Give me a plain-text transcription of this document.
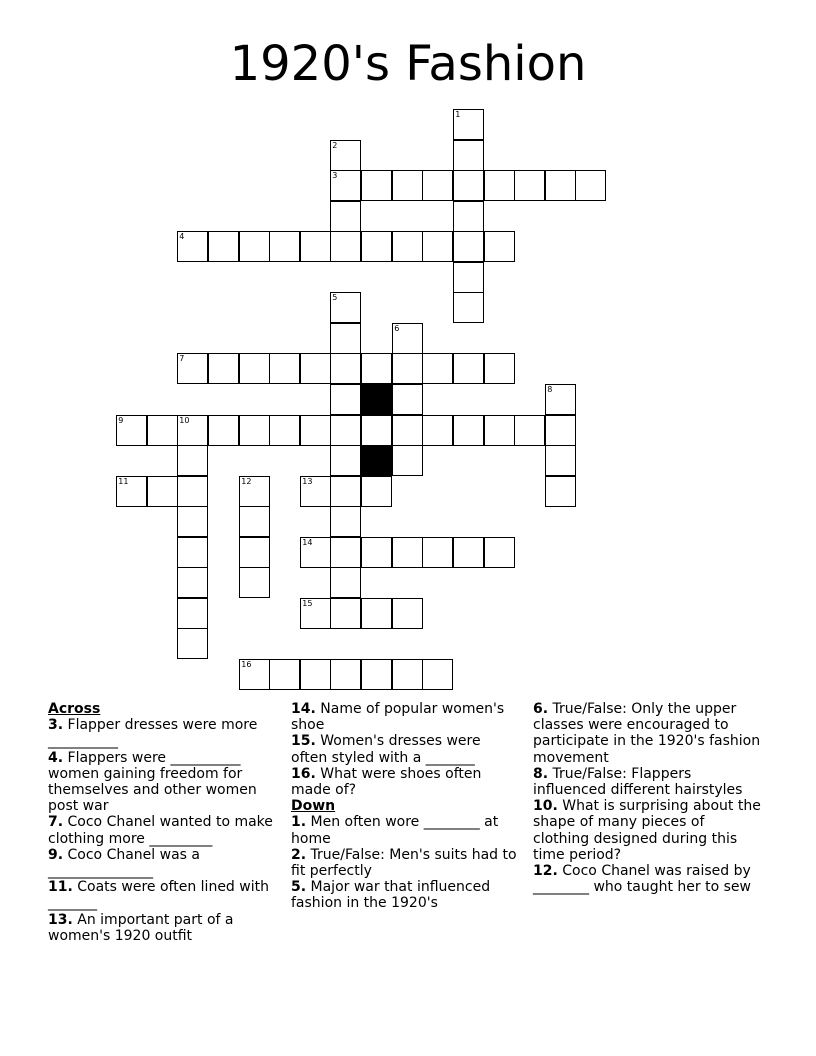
1920's Fashion
1
2
3
4
5
6
7
8
9	10
11	12	13
14
15
16
Across
3. Flapper dresses were more __________
4. Flappers were __________ women gaining freedom for themselves and other women post war
7. Coco Chanel wanted to make clothing more _________
9. Coco Chanel was a _______________
11. Coats were often lined with _______
13. An important part of a women's 1920 outfit
14. Name of popular women's shoe
15. Women's dresses were often styled with a _______
16. What were shoes often made of?
Down
1. Men often wore ________ at home
2. True/False: Men's suits had to fit perfectly
5. Major war that influenced fashion in the 1920's
6. True/False: Only the upper classes were encouraged to participate in the 1920's fashion movement
8. True/False: Flappers influenced different hairstyles
10. What is surprising about the shape of many pieces of clothing designed during this time period?
12. Coco Chanel was raised by ________ who taught her to sew
